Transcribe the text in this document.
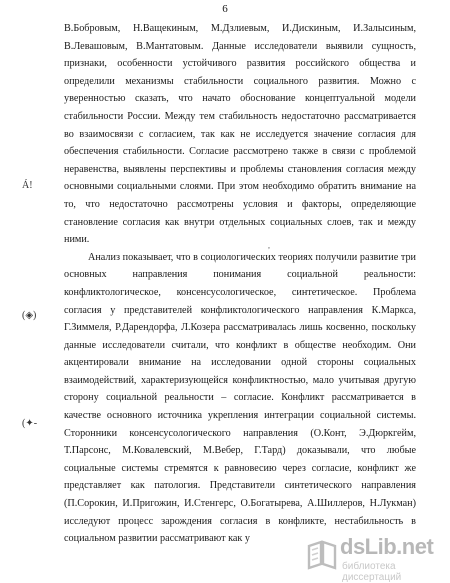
6
Á!
(◈)
(✦-
,

В.Бобровым, Н.Ващекиным, М.Дзлиевым, И.Дискиным, И.Залысиным, В.Левашовым, В.Мантатовым. Данные исследователи выявили сущность, признаки, особенности устойчивого развития российского общества и определили механизмы стабильности социального развития. Можно с уверенностью сказать, что начато обоснование концептуальной модели стабильности России. Между тем стабильность недостаточно рассматривается во взаимосвязи с согласием, так как не исследуется значение согласия для обеспечения стабильности. Согласие рассмотрено также в связи с проблемой неравенства, выявлены перспективы и проблемы становления согласия между основными социальными слоями. При этом необходимо обратить внимание на то, что недостаточно рассмотрены условия и факторы, определяющие становление согласия как внутри отдельных социальных слоев, так и между ними.

Анализ показывает, что в социологических теориях получили развитие три основных направления понимания социальной реальности: конфликтологическое, консенсусологическое, синтетическое. Проблема согласия у представителей конфликтологического направления К.Маркса, Г.Зиммеля, Р.Дарендорфа, Л.Козера рассматривалась лишь косвенно, поскольку данные исследователи считали, что конфликт в обществе необходим. Они акцентировали внимание на исследовании одной стороны социальных взаимодействий, характеризующейся конфликтностью, мало учитывая другую сторону социальной реальности – согласие. Конфликт рассматривается в качестве основного источника укрепления интеграции социальной системы. Сторонники консенсусологического направления (О.Конт, Э.Дюркгейм, Т.Парсонс, М.Ковалевский, М.Вебер, Г.Тард) доказывали, что любые социальные системы стремятся к равновесию через согласие, конфликт же представляет как патология. Представители синтетического направления (П.Сорокин, И.Пригожин, И.Стенгерс, О.Богатырева, А.Шиллеров, Н.Лукман) исследуют процесс зарождения согласия в конфликте, нестабильность в социальном развитии рассматривают как у	dsLib.net
библиотека диссертаций
